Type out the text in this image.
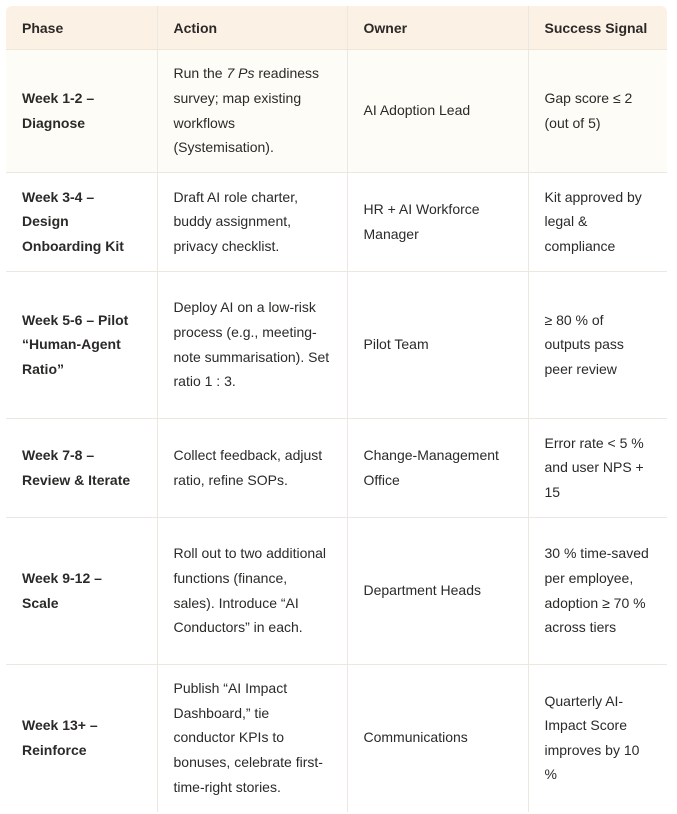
Phase	Action	Owner	Success Signal
Week 1-2 – Diagnose	Run the 7 Ps readiness survey; map existing workflows (Systemisation).	AI Adoption Lead	Gap score ≤ 2 (out of 5)
Week 3-4 – Design Onboarding Kit	Draft AI role charter, buddy assignment, privacy checklist.	HR + AI Workforce Manager	Kit approved by legal & compliance
Week 5-6 – Pilot “Human-Agent Ratio”	Deploy AI on a low-risk process (e.g., meeting-note summarisation). Set ratio 1 : 3.	Pilot Team	≥ 80 % of outputs pass peer review
Week 7-8 – Review & Iterate	Collect feedback, adjust ratio, refine SOPs.	Change-Management Office	Error rate < 5 % and user NPS + 15
Week 9-12 – Scale	Roll out to two additional functions (finance, sales). Introduce “AI Conductors” in each.	Department Heads	30 % time-saved per employee, adoption ≥ 70 % across tiers
Week 13+ – Reinforce	Publish “AI Impact Dashboard,” tie conductor KPIs to bonuses, celebrate first-time-right stories.	Communications	Quarterly AI-Impact Score improves by 10 %
